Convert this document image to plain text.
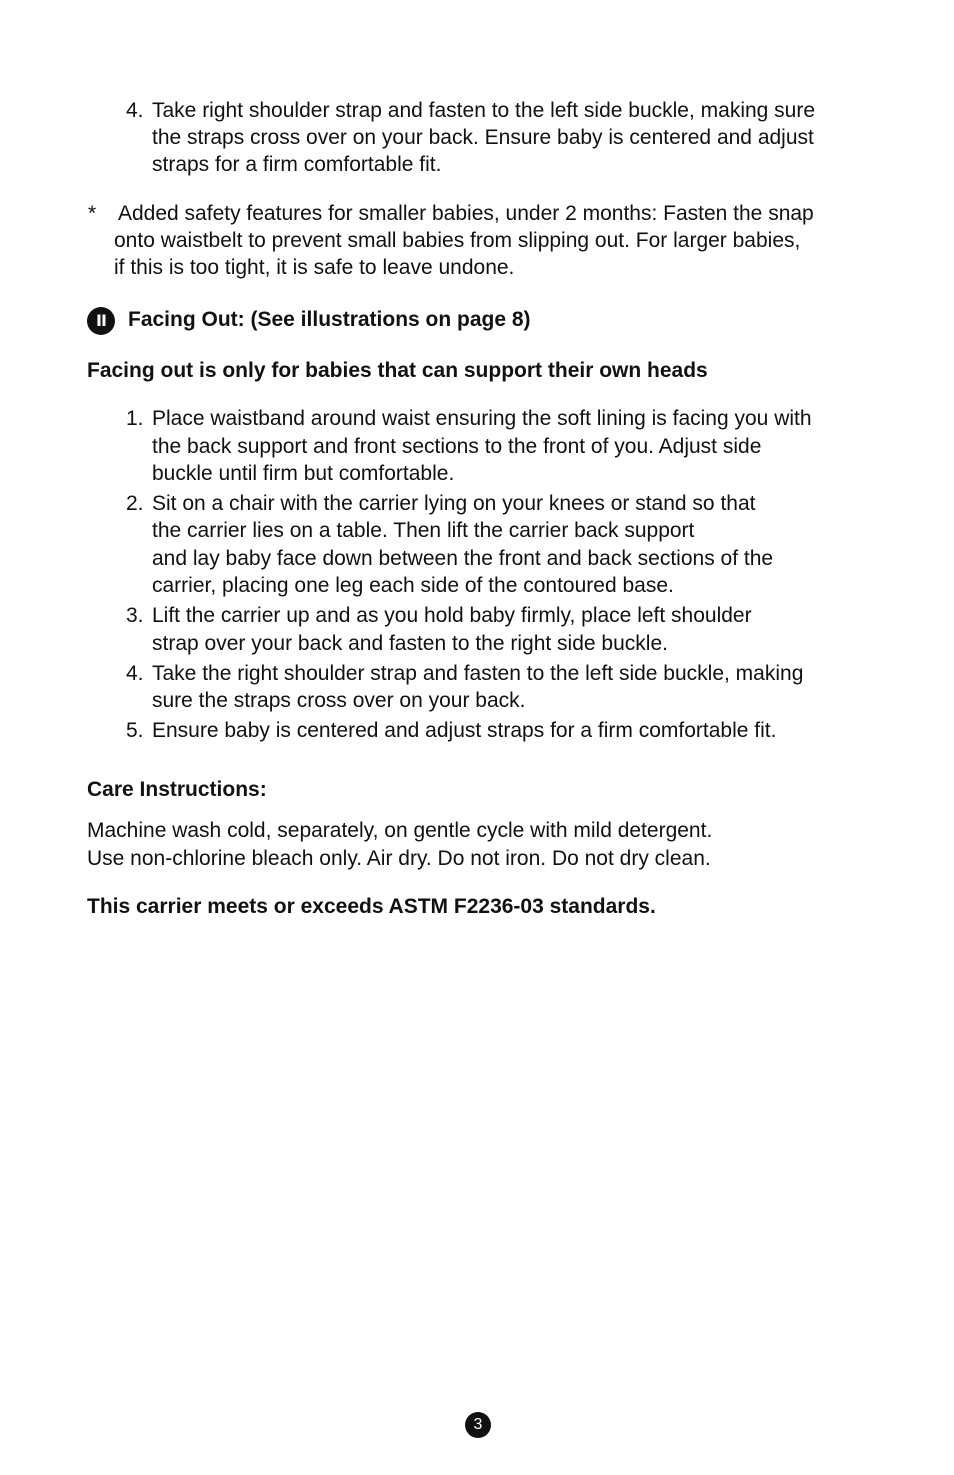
4. Take right shoulder strap and fasten to the left side buckle, making sure
the straps cross over on your back. Ensure baby is centered and adjust
straps for a firm comfortable fit.
* Added safety features for smaller babies, under 2 months: Fasten the snap
onto waistbelt to prevent small babies from slipping out. For larger babies,
if this is too tight, it is safe to leave undone.
II	Facing Out: (See illustrations on page 8)
Facing out is only for babies that can support their own heads
1. Place waistband around waist ensuring the soft lining is facing you with
the back support and front sections to the front of you. Adjust side
buckle until firm but comfortable.
2. Sit on a chair with the carrier lying on your knees or stand so that
the carrier lies on a table. Then lift the carrier back support
and lay baby face down between the front and back sections of the
carrier, placing one leg each side of the contoured base.
3. Lift the carrier up and as you hold baby firmly, place left shoulder
strap over your back and fasten to the right side buckle.
4. Take the right shoulder strap and fasten to the left side buckle, making
sure the straps cross over on your back.
5. Ensure baby is centered and adjust straps for a firm comfortable fit.
Care Instructions:
Machine wash cold, separately, on gentle cycle with mild detergent.
Use non-chlorine bleach only. Air dry. Do not iron. Do not dry clean.
This carrier meets or exceeds ASTM F2236-03 standards.
3
